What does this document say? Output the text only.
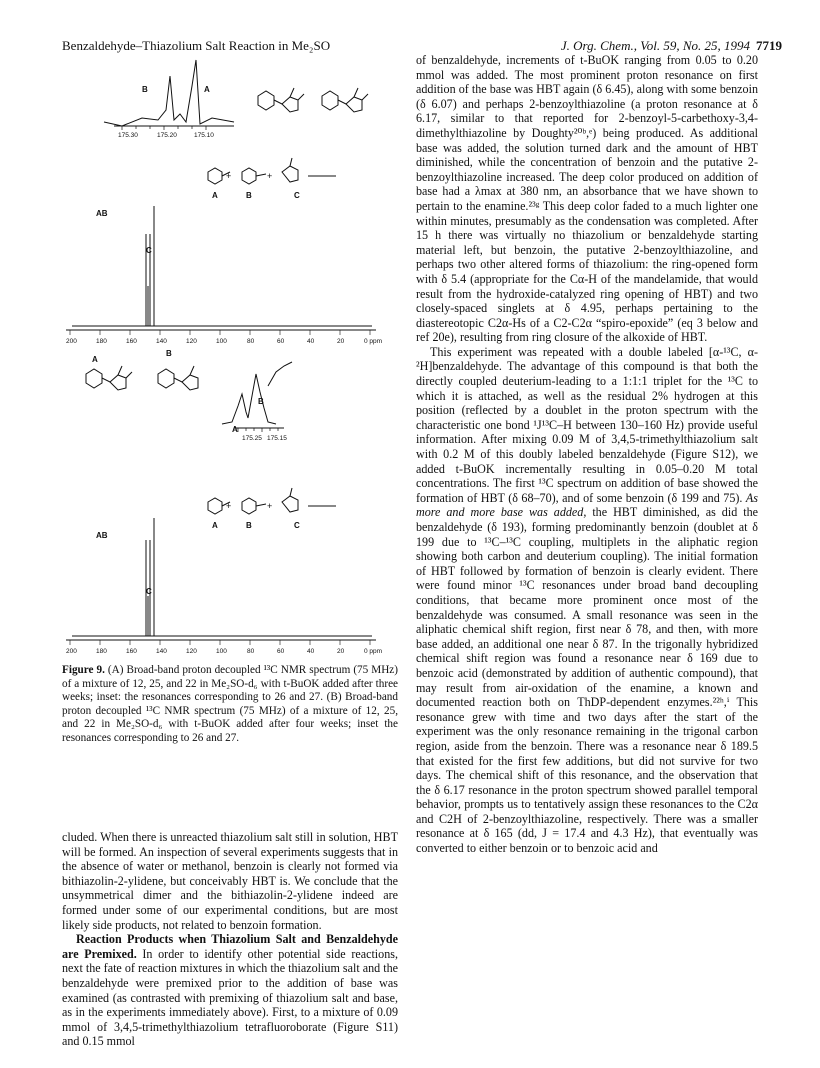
Benzaldehyde–Thiazolium Salt Reaction in Me₂SO	J. Org. Chem., Vol. 59, No. 25, 1994 7719
175.30	175.20	175.10
B	A
A	B	C
+	+
AB
C
200	180	160	140	120	100	80	60	40	20	0 ppm
A
B
B
A
175.25 175.15
A	B	C
+	+
AB
C
200	180	160	140	120	100	80	60	40	20	0 ppm
Figure 9. (A) Broad-band proton decoupled ¹³C NMR spectrum (75 MHz) of a mixture of 12, 25, and 22 in Me₂SO-d₆ with t-BuOK added after three weeks; inset: the resonances corresponding to 26 and 27. (B) Broad-band proton decoupled ¹³C NMR spectrum (75 MHz) of a mixture of 12, 25, and 22 in Me₂SO-d₆ with t-BuOK added after four weeks; inset the resonances corresponding to 26 and 27.

cluded. When there is unreacted thiazolium salt still in solution, HBT will be formed. An inspection of several experiments suggests that in the absence of water or methanol, benzoin is clearly not formed via bithiazolin-2-ylidene, but conceivably HBT is. We conclude that the unsymmetrical dimer and the bithiazolin-2-ylidene indeed are formed under some of our experimental conditions, but are most likely side products, not related to benzoin formation.

Reaction Products when Thiazolium Salt and Benzaldehyde are Premixed. In order to identify other potential side reactions, next the fate of reaction mixtures in which the thiazolium salt and the benzaldehyde were premixed prior to the addition of base was examined (as contrasted with premixing of thiazolium salt and base, as in the experiments immediately above). First, to a mixture of 0.09 mmol of 3,4,5-trimethylthiazolium tetrafluoroborate (Figure S11) and 0.15 mmol

of benzaldehyde, increments of t-BuOK ranging from 0.05 to 0.20 mmol was added. The most prominent proton resonance on first addition of the base was HBT again (δ 6.45), along with some benzoin (δ 6.07) and perhaps 2-benzoylthiazoline (a proton resonance at δ 6.17, similar to that reported for 2-benzoyl-5-carbethoxy-3,4-dimethylthiazoline by Doughty²⁰ᵇ,ᵉ) being produced. As additional base was added, the solution turned dark and the amount of HBT diminished, while the concentration of benzoin and the putative 2-benzoylthiazoline increased. The deep color produced on addition of base had a λmax at 380 nm, an absorbance that we have shown to pertain to the enamine.²³ᵍ This deep color faded to a much lighter one within minutes, presumably as the condensation was completed. After 15 h there was virtually no thiazolium or benzaldehyde starting material left, but benzoin, the putative 2-benzoylthiazoline, and perhaps two other altered forms of thiazolium: the ring-opened form with δ 5.4 (appropriate for the Cα-H of the mandelamide, that would result from the hydroxide-catalyzed ring opening of HBT) and two closely-spaced singlets at δ 4.95, perhaps pertaining to the diastereotopic C2α-Hs of a C2-C2α “spiro-epoxide” (eq 3 below and ref 20e), resulting from ring closure of the alkoxide of HBT.

This experiment was repeated with a double labeled [α-¹³C, α-²H]benzaldehyde. The advantage of this compound is that both the directly coupled deuterium-leading to a 1:1:1 triplet for the ¹³C to which it is attached, as well as the residual 2% hydrogen at this position (reflected by a doublet in the proton spectrum with the characteristic one bond ¹J¹³C–H between 130–160 Hz) provide useful information. After mixing 0.09 M of 3,4,5-trimethylthiazolium salt with 0.2 M of this doubly labeled benzaldehyde (Figure S12), we added t-BuOK incrementally resulting in 0.05–0.20 M total concentrations. The first ¹³C spectrum on addition of base showed the formation of HBT (δ 68–70), and of some benzoin (δ 199 and 75). As more and more base was added, the HBT diminished, as did the benzaldehyde (δ 193), forming predominantly benzoin (doublet at δ 199 due to ¹³C–¹³C coupling, multiplets in the aliphatic region showing both carbon and deuterium coupling). The initial formation of HBT followed by formation of benzoin is clearly evident. There were found minor ¹³C resonances under broad band decoupling conditions, that became more prominent once most of the benzaldehyde was consumed. A small resonance was seen in the aliphatic chemical shift region, first near δ 78, and then, with more base added, an additional one near δ 87. In the trigonally hybridized chemical shift region was found a resonance near δ 169 due to benzoic acid (demonstrated by addition of authentic compound), that may result from air-oxidation of the enamine, a known and documented reaction both on ThDP-dependent enzymes.²²ʰ,ⁱ This resonance grew with time and two days after the start of the experiment was the only resonance remaining in the trigonal carbon region, aside from the benzoin. There was a resonance near δ 189.5 that existed for the first few additions, but did not survive for two days. The chemical shift of this resonance, and the observation that the δ 6.17 resonance in the proton spectrum showed parallel temporal behavior, prompts us to tentatively assign these resonances to the C2α and C2H of 2-benzoylthiazoline, respectively. There was a smaller resonance at δ 165 (dd, J = 17.4 and 4.3 Hz), that eventually was converted to either benzoin or to benzoic acid and
